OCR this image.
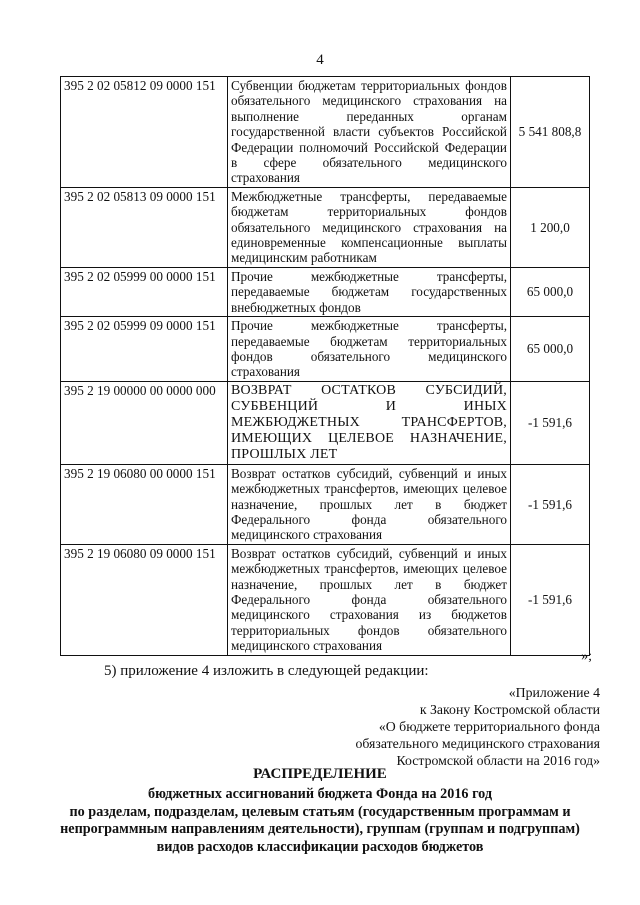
4
395 2 02 05812 09 0000 151	Субвенции бюджетам территориальных фондов обязательного медицинского страхования на выполнение переданных органам государственной власти субъектов Российской Федерации полномочий Российской Федерации в сфере обязательного медицинского страхования	5 541 808,8
395 2 02 05813 09 0000 151	Межбюджетные трансферты, передаваемые бюджетам территориальных фондов обязательного медицинского страхования на единовременные компенсационные выплаты медицинским работникам	1 200,0
395 2 02 05999 00 0000 151	Прочие межбюджетные трансферты, передаваемые бюджетам государственных внебюджетных фондов	65 000,0
395 2 02 05999 09 0000 151	Прочие межбюджетные трансферты, передаваемые бюджетам территориальных фондов обязательного медицинского страхования	65 000,0
395 2 19 00000 00 0000 000	ВОЗВРАТ ОСТАТКОВ СУБСИДИЙ, СУБВЕНЦИЙ И ИНЫХ МЕЖБЮДЖЕТНЫХ ТРАНСФЕРТОВ, ИМЕЮЩИХ ЦЕЛЕВОЕ НАЗНАЧЕНИЕ, ПРОШЛЫХ ЛЕТ	-1 591,6
395 2 19 06080 00 0000 151	Возврат остатков субсидий, субвенций и иных межбюджетных трансфертов, имеющих целевое назначение, прошлых лет в бюджет Федерального фонда обязательного медицинского страхования	-1 591,6
395 2 19 06080 09 0000 151	Возврат остатков субсидий, субвенций и иных межбюджетных трансфертов, имеющих целевое назначение, прошлых лет в бюджет Федерального фонда обязательного медицинского страхования из бюджетов территориальных фондов обязательного медицинского страхования	-1 591,6
»;
5) приложение 4 изложить в следующей редакции:
«Приложение 4
к Закону Костромской области
«О бюджете территориального фонда
обязательного медицинского страхования
Костромской области на 2016 год»
РАСПРЕДЕЛЕНИЕ
бюджетных ассигнований бюджета Фонда на 2016 год
по разделам, подразделам, целевым статьям (государственным программам и
непрограммным направлениям деятельности), группам (группам и подгруппам)
видов расходов классификации расходов бюджетов
